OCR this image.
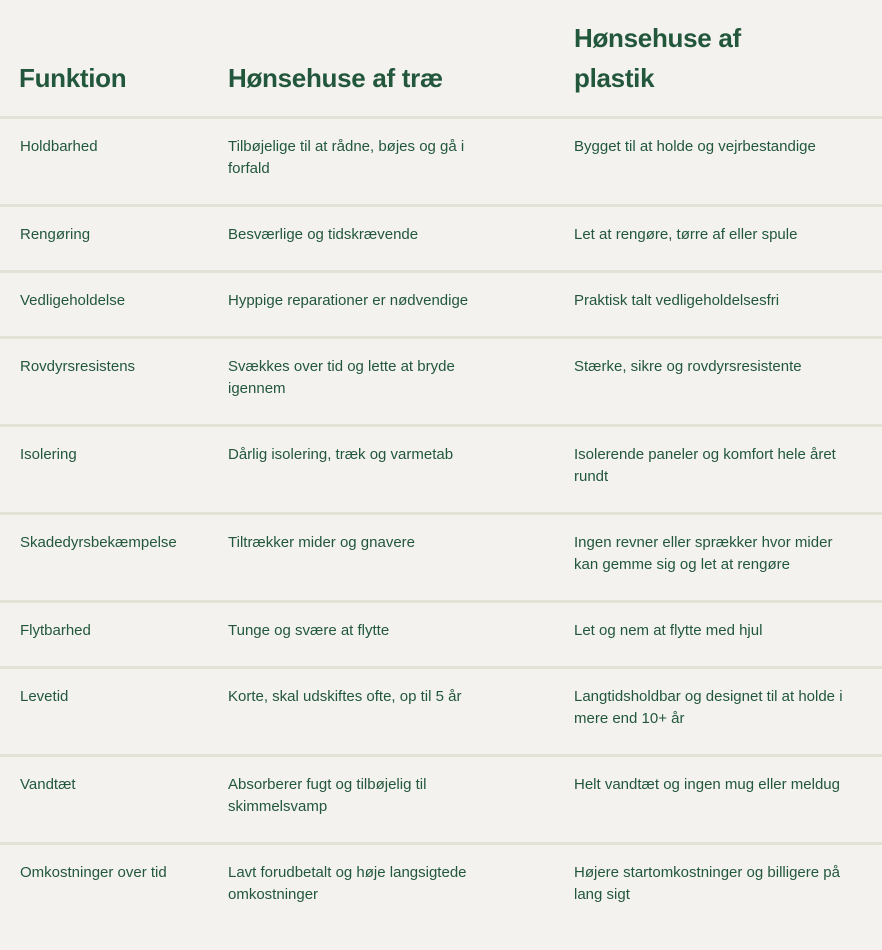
Funktion	Hønsehuse af træ	Hønsehuse af plastik
Holdbarhed	Tilbøjelige til at rådne, bøjes og gå i forfald	Bygget til at holde og vejrbestandige
Rengøring	Besværlige og tidskrævende	Let at rengøre, tørre af eller spule
Vedligeholdelse	Hyppige reparationer er nødvendige	Praktisk talt vedligeholdelsesfri
Rovdyrsresistens	Svækkes over tid og lette at bryde igennem	Stærke, sikre og rovdyrsresistente
Isolering	Dårlig isolering, træk og varmetab	Isolerende paneler og komfort hele året rundt
Skadedyrsbekæmpelse	Tiltrækker mider og gnavere	Ingen revner eller sprækker hvor mider kan gemme sig og let at rengøre
Flytbarhed	Tunge og svære at flytte	Let og nem at flytte med hjul
Levetid	Korte, skal udskiftes ofte, op til 5 år	Langtidsholdbar og designet til at holde i mere end 10+ år
Vandtæt	Absorberer fugt og tilbøjelig til skimmelsvamp	Helt vandtæt og ingen mug eller meldug
Omkostninger over tid	Lavt forudbetalt og høje langsigtede omkostninger	Højere startomkostninger og billigere på lang sigt
